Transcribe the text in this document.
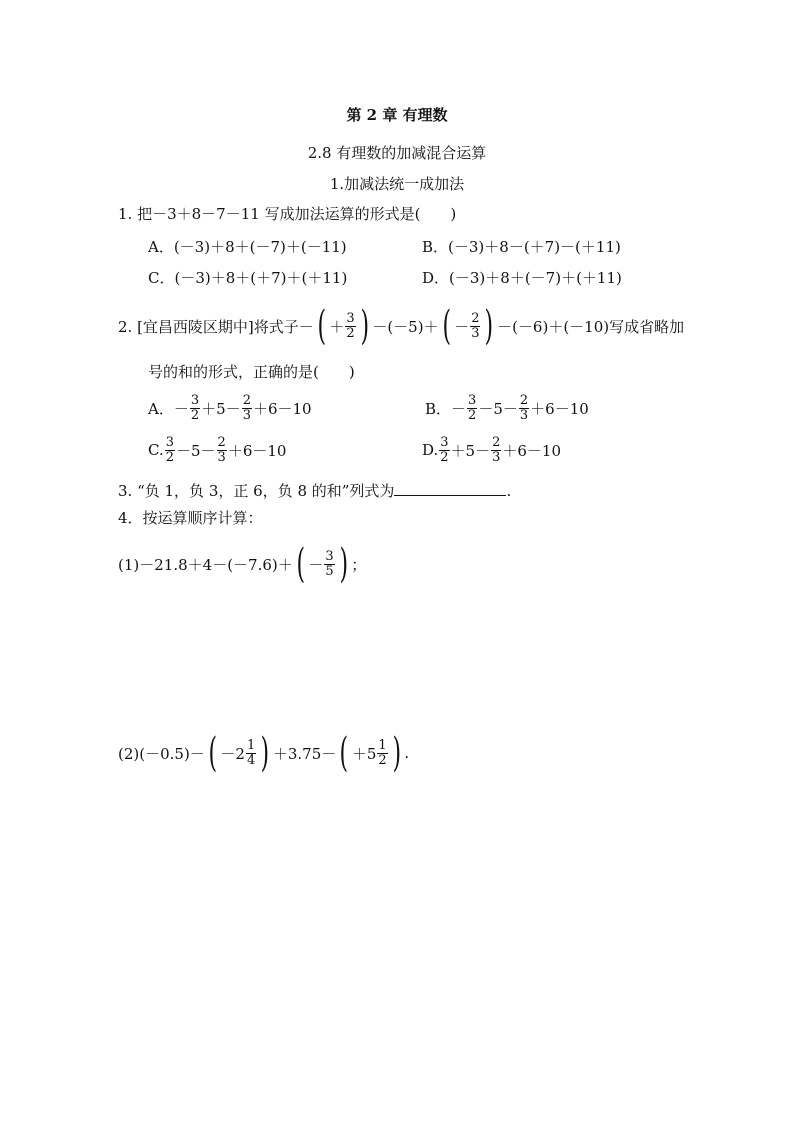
第 2 章 有理数
2.8 有理数的加减混合运算
1.加减法统一成加法
1. 把－3＋8－7－11 写成加法运算的形式是(　　)
A．(－3)＋8＋(－7)＋(－11)	B．(－3)＋8－(＋7)－(＋11)
C．(－3)＋8＋(＋7)＋(＋11)	D．(－3)＋8＋(－7)＋(＋11)
2. [宜昌西陵区期中]将式子－ ( ＋ $\frac{3}{2}$ ) －(－5)＋ ( － $\frac{2}{3}$ ) －(－6)＋(－10)写成省略加
号的和的形式，正确的是(　　)
A． － $\frac{3}{2} +5- \frac{2}{3} +6-10$	B． － $\frac{3}{2} -5- \frac{2}{3} +6-10$
C. $\frac{3}{2} -5- \frac{2}{3} +6-10$	D. $\frac{3}{2} +5- \frac{2}{3} +6-10$
3. “负 1，负 3，正 6，负 8 的和”列式为	.
4．按运算顺序计算：
(1)－21.8＋4－(－7.6)＋ ( － $\frac{3}{5}$ ) ；
(2)(－0.5)－ ( $-2 \frac{1}{4}$ ) ＋3.75－ ( $+5 \frac{1}{2}$ ) .
